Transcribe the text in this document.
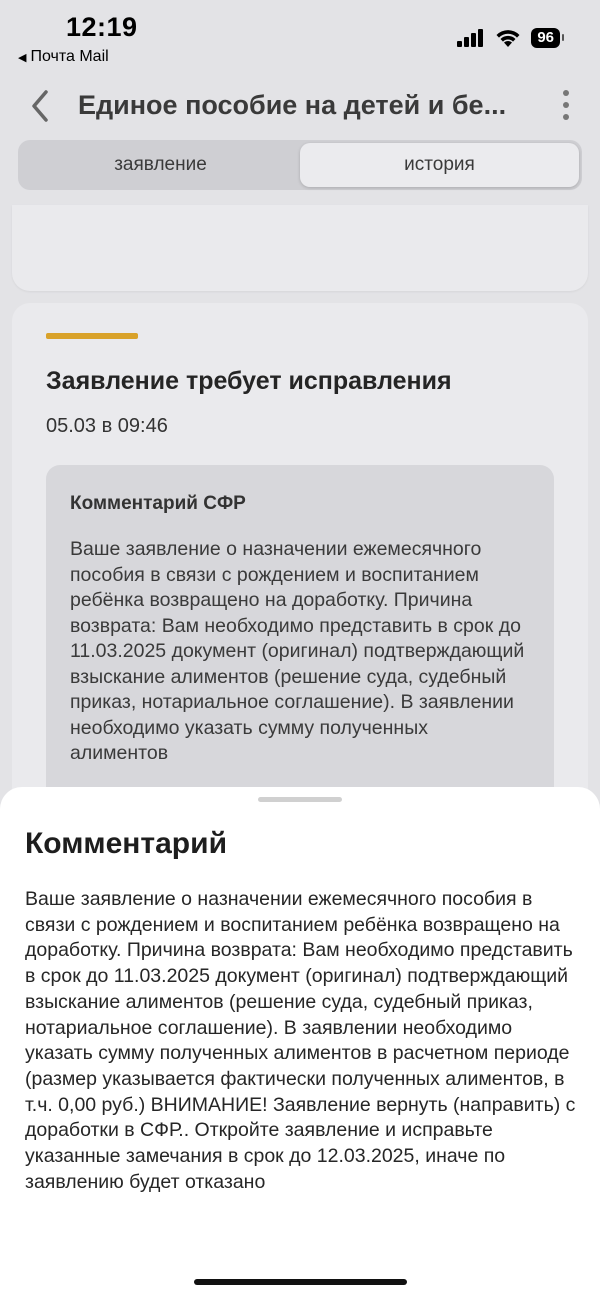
12:19
◀ Почта Mail
96
Единое пособие на детей и бе...
заявление	история
Заявление требует исправления
05.03 в 09:46
Комментарий СФР
Ваше заявление о назначении ежемесячного пособия в связи с рождением и воспитанием ребёнка возвращено на доработку. Причина возврата: Вам необходимо представить в срок до 11.03.2025 документ (оригинал) подтверждающий взыскание алиментов (решение суда, судебный приказ, нотариальное соглашение). В заявлении необходимо указать сумму полученных алиментов
Комментарий
Ваше заявление о назначении ежемесячного пособия в связи с рождением и воспитанием ребёнка возвращено на доработку. Причина возврата: Вам необходимо представить в срок до 11.03.2025 документ (оригинал) подтверждающий взыскание алиментов (решение суда, судебный приказ, нотариальное соглашение). В заявлении необходимо указать сумму полученных алиментов в расчетном периоде (размер указывается фактически полученных алиментов, в т.ч. 0,00 руб.) ВНИМАНИЕ! Заявление вернуть (направить) с доработки в СФР.. Откройте заявление и исправьте указанные замечания в срок до 12.03.2025, иначе по заявлению будет отказано
